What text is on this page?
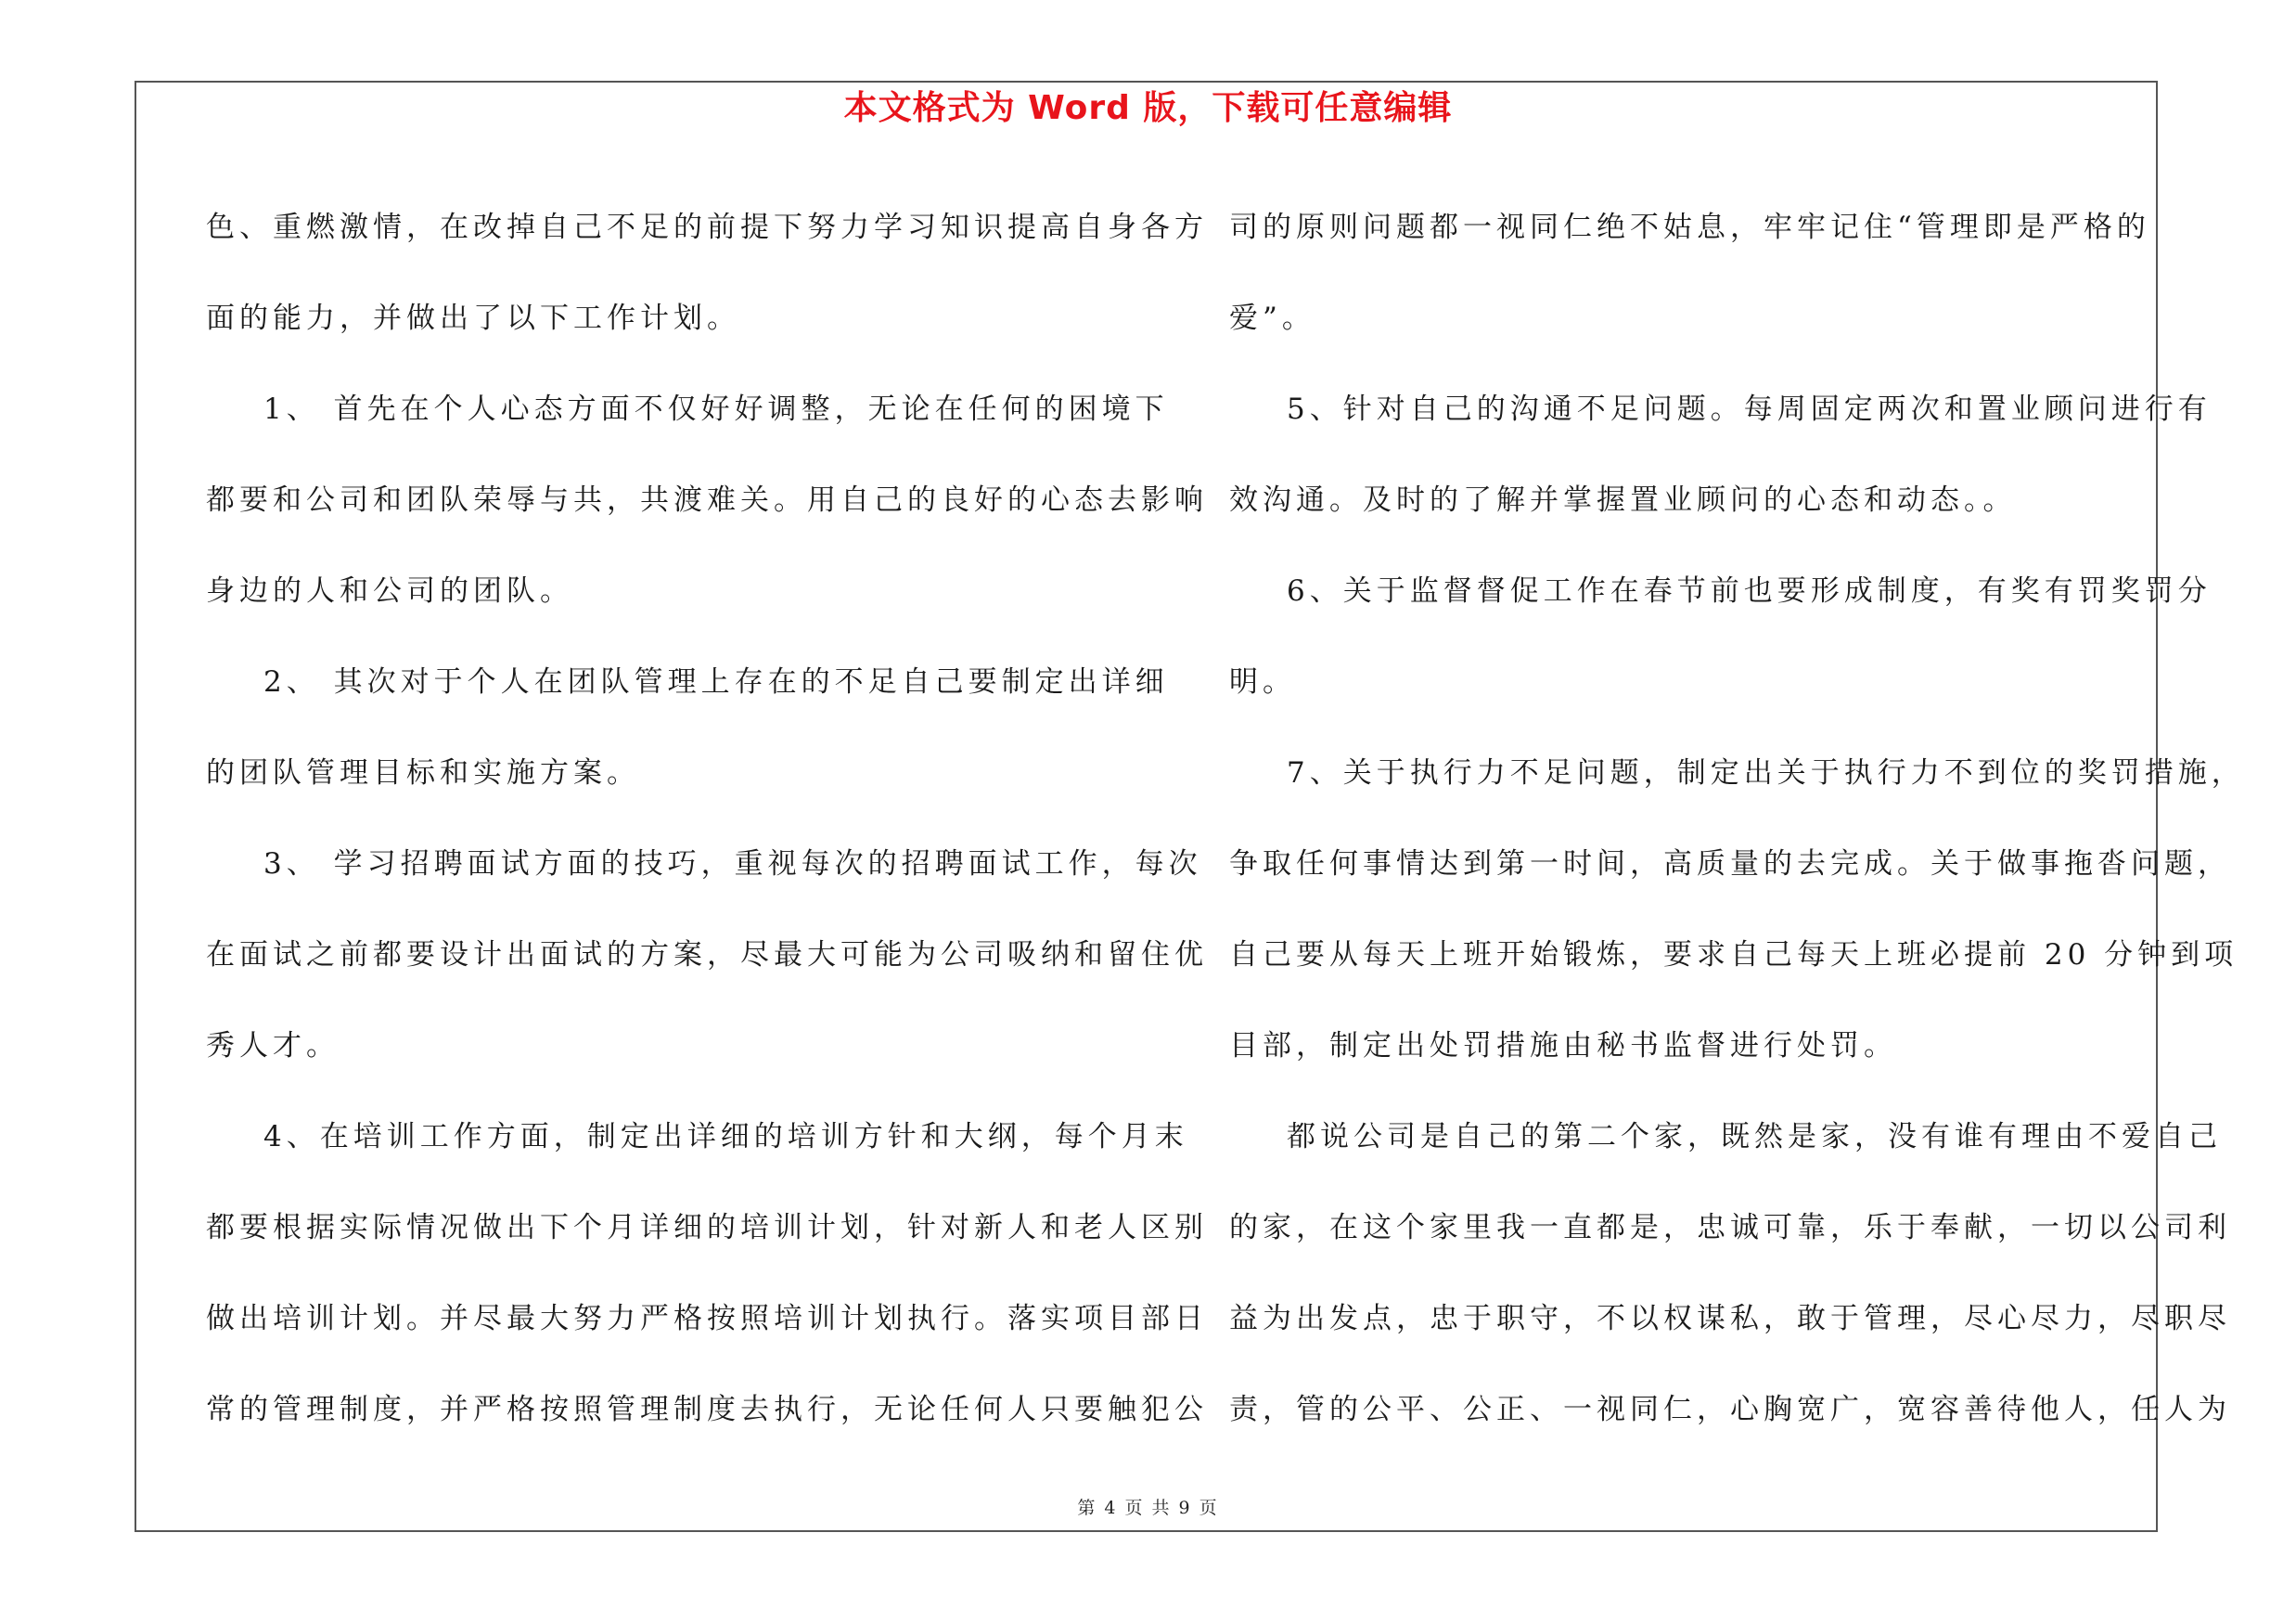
本文格式为 Word 版，下载可任意编辑
色、重燃激情，在改掉自己不足的前提下努力学习知识提高自身各方
面的能力，并做出了以下工作计划。
1、 首先在个人心态方面不仅好好调整，无论在任何的困境下
都要和公司和团队荣辱与共，共渡难关。用自己的良好的心态去影响
身边的人和公司的团队。
2、 其次对于个人在团队管理上存在的不足自己要制定出详细
的团队管理目标和实施方案。
3、 学习招聘面试方面的技巧，重视每次的招聘面试工作，每次
在面试之前都要设计出面试的方案，尽最大可能为公司吸纳和留住优
秀人才。
4、在培训工作方面，制定出详细的培训方针和大纲，每个月末
都要根据实际情况做出下个月详细的培训计划，针对新人和老人区别
做出培训计划。并尽最大努力严格按照培训计划执行。落实项目部日
常的管理制度，并严格按照管理制度去执行，无论任何人只要触犯公
司的原则问题都一视同仁绝不姑息，牢牢记住“管理即是严格的
爱”。
5、针对自己的沟通不足问题。每周固定两次和置业顾问进行有
效沟通。及时的了解并掌握置业顾问的心态和动态。。
6、关于监督督促工作在春节前也要形成制度，有奖有罚奖罚分
明。
7、关于执行力不足问题，制定出关于执行力不到位的奖罚措施，
争取任何事情达到第一时间，高质量的去完成。关于做事拖沓问题，
自己要从每天上班开始锻炼，要求自己每天上班必提前 20 分钟到项
目部，制定出处罚措施由秘书监督进行处罚。
都说公司是自己的第二个家，既然是家，没有谁有理由不爱自己
的家，在这个家里我一直都是，忠诚可靠，乐于奉献，一切以公司利
益为出发点，忠于职守，不以权谋私，敢于管理，尽心尽力，尽职尽
责，管的公平、公正、一视同仁，心胸宽广，宽容善待他人，任人为
第 4 页 共 9 页
